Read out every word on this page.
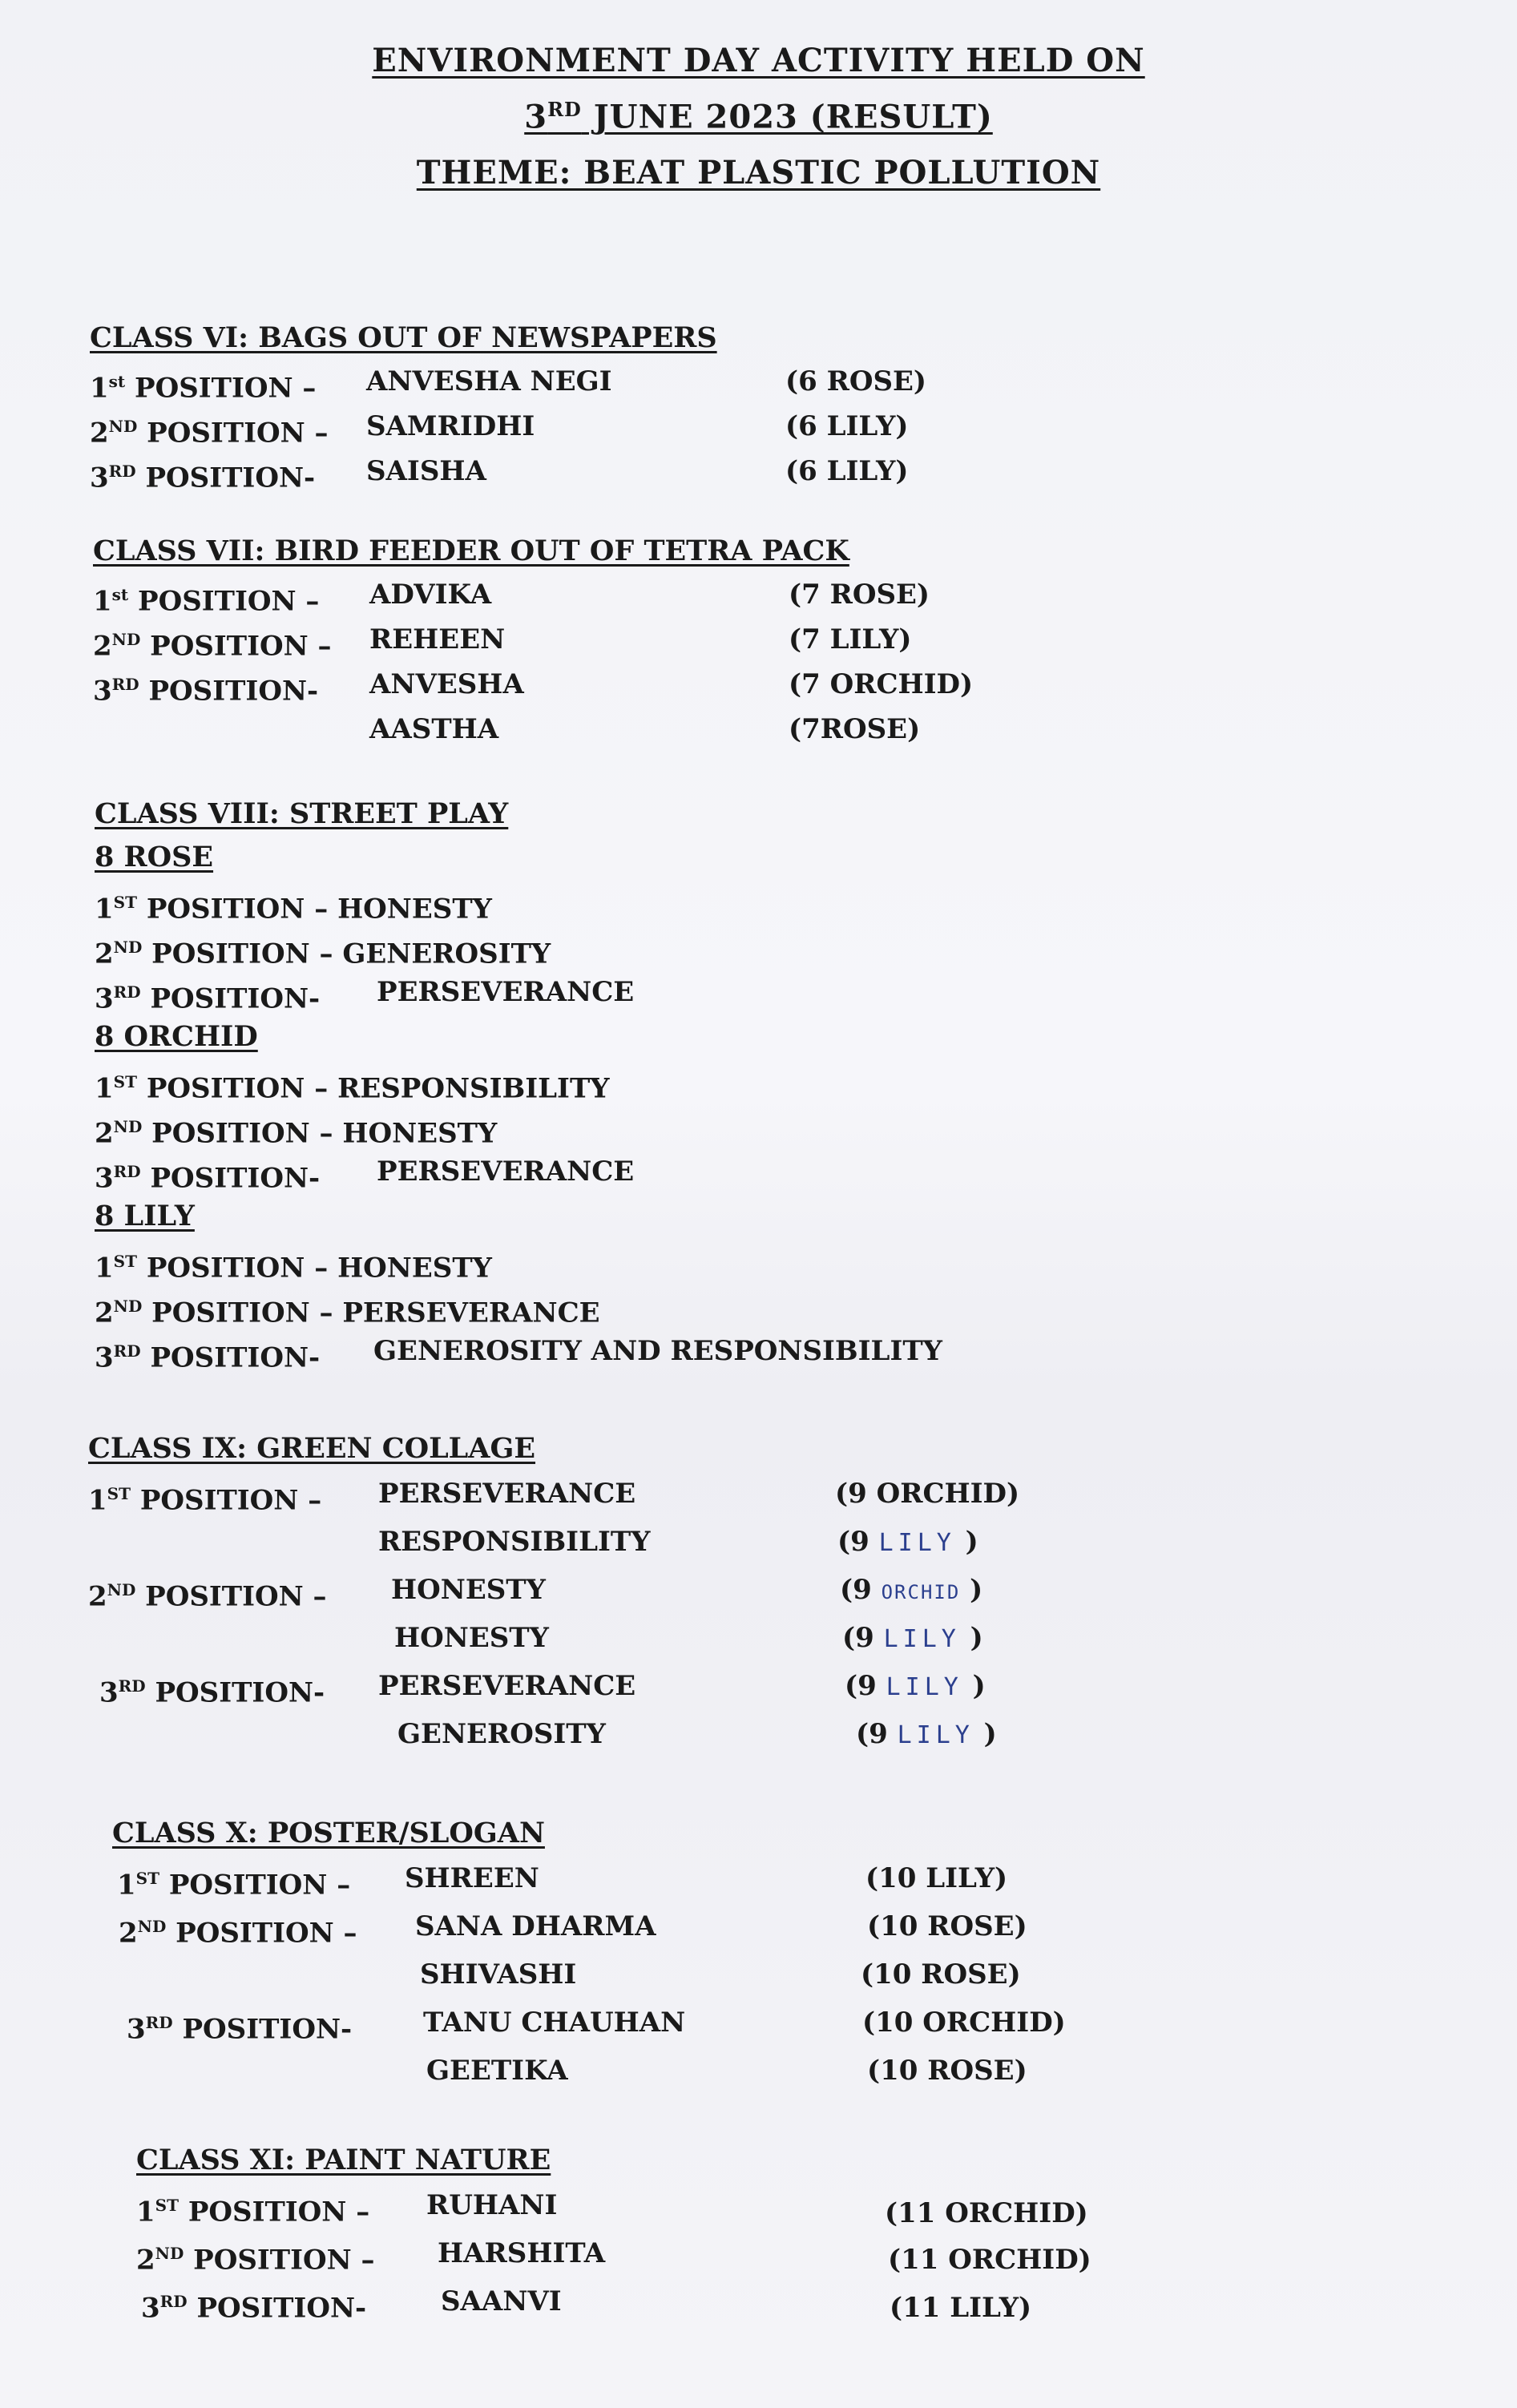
ENVIRONMENT DAY ACTIVITY HELD ON
3RD JUNE 2023 (RESULT)
THEME: BEAT PLASTIC POLLUTION
CLASS VI: BAGS OUT OF NEWSPAPERS
1st POSITION – ANVESHA NEGI	(6 ROSE)
2ND POSITION – SAMRIDHI	(6 LILY)
3RD POSITION- SAISHA	(6 LILY)
CLASS VII: BIRD FEEDER OUT OF TETRA PACK
1st POSITION – ADVIKA	(7 ROSE)
2ND POSITION – REHEEN	(7 LILY)
3RD POSITION- ANVESHA	(7 ORCHID)
AASTHA	(7ROSE)
CLASS VIII: STREET PLAY
8 ROSE
1ST POSITION – HONESTY
2ND POSITION – GENEROSITY
3RD POSITION- PERSEVERANCE
8 ORCHID
1ST POSITION – RESPONSIBILITY
2ND POSITION – HONESTY
3RD POSITION- PERSEVERANCE
8 LILY
1ST POSITION – HONESTY
2ND POSITION – PERSEVERANCE
3RD POSITION- GENEROSITY AND RESPONSIBILITY
CLASS IX: GREEN COLLAGE
1ST POSITION – PERSEVERANCE	(9 ORCHID)
RESPONSIBILITY	(9 LILY )
2ND POSITION – HONESTY	(9 ORCHID )
HONESTY	(9 LILY )
3RD POSITION- PERSEVERANCE	(9 LILY )
GENEROSITY	(9 LILY )
CLASS X: POSTER/SLOGAN
1ST POSITION – SHREEN	(10 LILY)
2ND POSITION – SANA DHARMA	(10 ROSE)
SHIVASHI	(10 ROSE)
3RD POSITION-	TANU CHAUHAN	(10 ORCHID)
GEETIKA	(10 ROSE)
CLASS XI: PAINT NATURE
1ST POSITION – RUHANI	(11 ORCHID)
2ND POSITION – HARSHITA	(11 ORCHID)
3RD POSITION-	SAANVI	(11 LILY)
